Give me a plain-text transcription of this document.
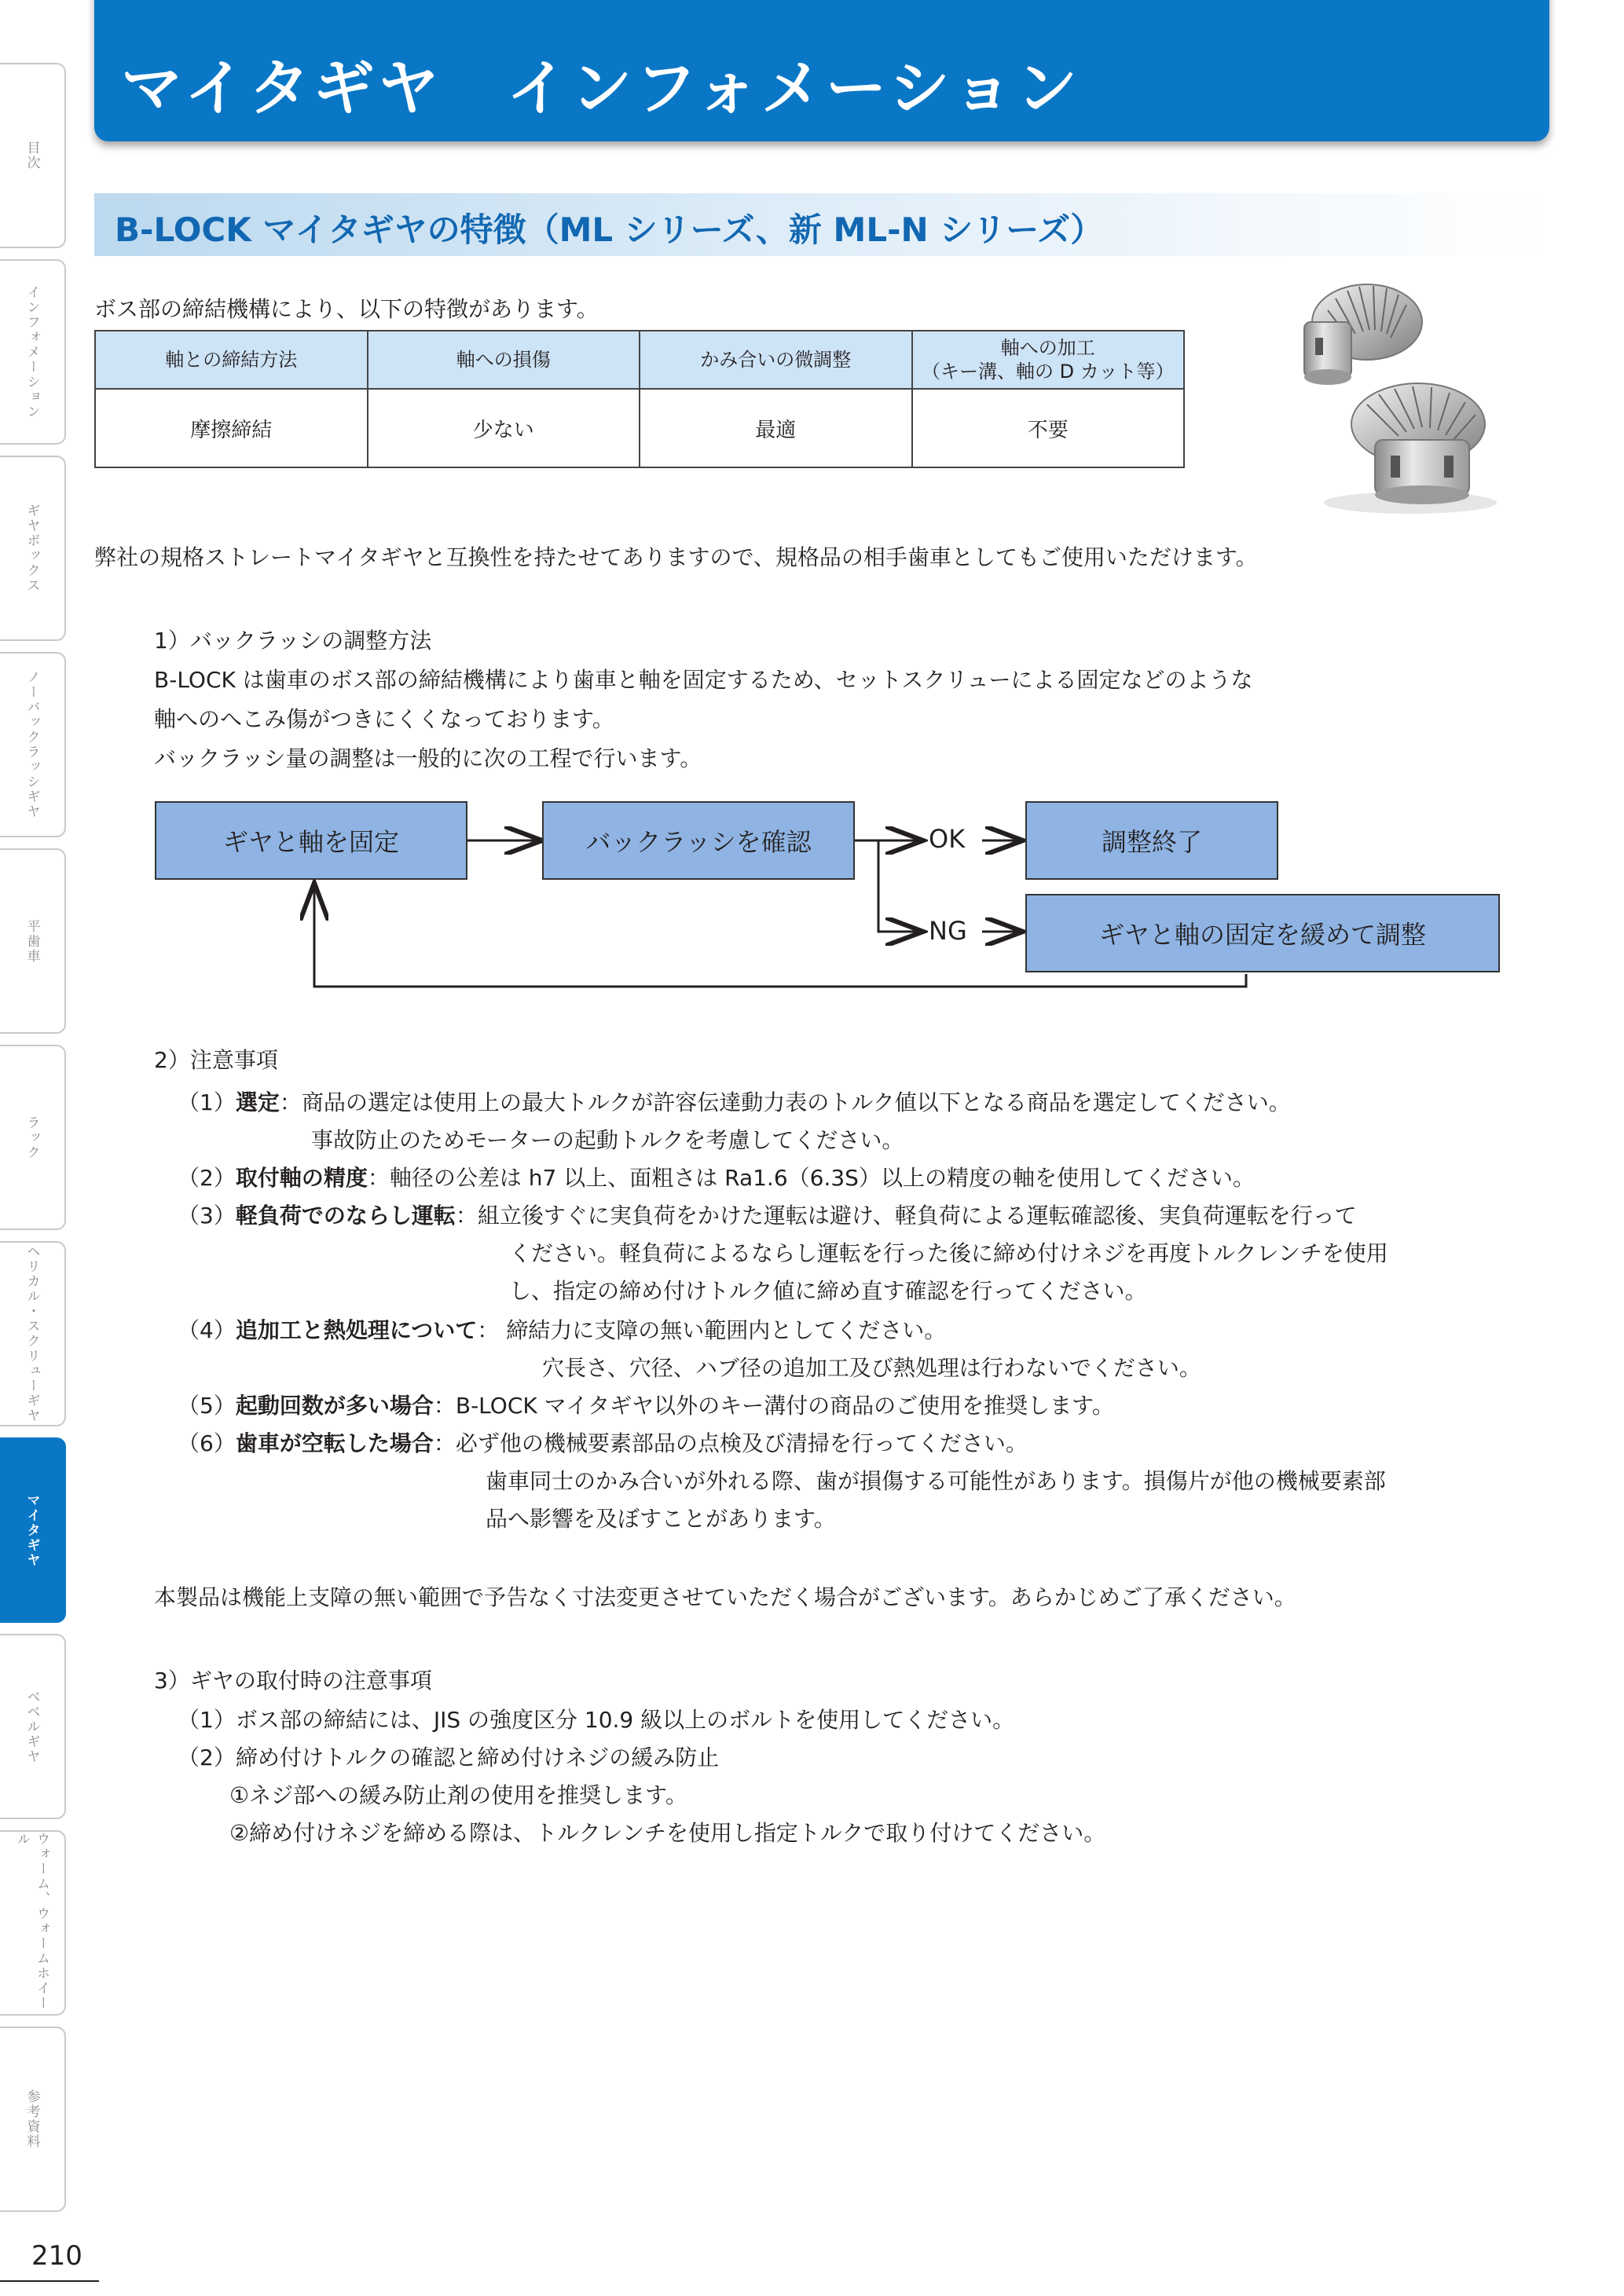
目次
インフォメーション
ギヤボックス
ノーバックラッシギヤ
平歯車
ラック
ヘリカル・スクリューギヤ
マイタギヤ
ベベルギヤ
ウォーム、ウォームホイール
参考資料
210
マイタギヤ　インフォメーション
B-LOCK マイタギヤの特徴（ML シリーズ、新 ML-N シリーズ）

ボス部の締結機構により、以下の特徴があります。

軸との締結方法	軸への損傷	かみ合いの微調整	軸への加工
（キー溝、軸の D カット等）

摩擦締結	少ない	最適	不要

弊社の規格ストレートマイタギヤと互換性を持たせてありますので、規格品の相手歯車としてもご使用いただけます。

1）バックラッシの調整方法

B-LOCK は歯車のボス部の締結機構により歯車と軸を固定するため、セットスクリューによる固定などのような

軸へのへこみ傷がつきにくくなっております。

バックラッシ量の調整は一般的に次の工程で行います。

ギヤと軸を固定	バックラッシを確認	調整終了
ギヤと軸の固定を緩めて調整
OK
NG

2）注意事項

（1）選定：商品の選定は使用上の最大トルクが許容伝達動力表のトルク値以下となる商品を選定してください。

事故防止のためモーターの起動トルクを考慮してください。

（2）取付軸の精度：軸径の公差は h7 以上、面粗さは Ra1.6（6.3S）以上の精度の軸を使用してください。

（3）軽負荷でのならし運転：組立後すぐに実負荷をかけた運転は避け、軽負荷による運転確認後、実負荷運転を行って

ください。軽負荷によるならし運転を行った後に締め付けネジを再度トルクレンチを使用

し、指定の締め付けトルク値に締め直す確認を行ってください。

（4）追加工と熱処理について： 締結力に支障の無い範囲内としてください。

穴長さ、穴径、ハブ径の追加工及び熱処理は行わないでください。

（5）起動回数が多い場合：B-LOCK マイタギヤ以外のキー溝付の商品のご使用を推奨します。

（6）歯車が空転した場合：必ず他の機械要素部品の点検及び清掃を行ってください。

歯車同士のかみ合いが外れる際、歯が損傷する可能性があります。損傷片が他の機械要素部

品へ影響を及ぼすことがあります。

本製品は機能上支障の無い範囲で予告なく寸法変更させていただく場合がございます。あらかじめご了承ください。

3）ギヤの取付時の注意事項

（1）ボス部の締結には、JIS の強度区分 10.9 級以上のボルトを使用してください。

（2）締め付けトルクの確認と締め付けネジの緩み防止

①ネジ部への緩み防止剤の使用を推奨します。

②締め付けネジを締める際は、トルクレンチを使用し指定トルクで取り付けてください。
